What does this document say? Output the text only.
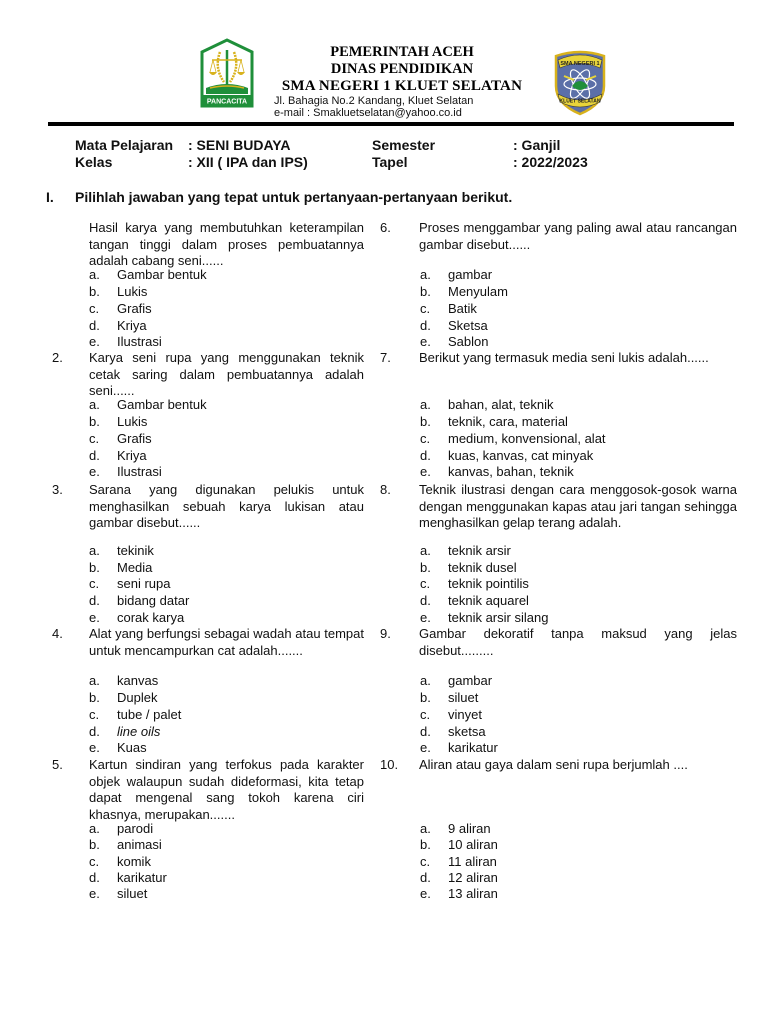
PANCACITA
PEMERINTAH ACEH
DINAS PENDIDIKAN
SMA NEGERI 1 KLUET SELATAN
Jl. Bahagia No.2 Kandang, Kluet Selatan
e-mail : Smakluetselatan@yahoo.co.id
SMA NEGERI 1
KLUET SELATAN
Mata Pelajaran : SENI BUDAYA	Semester	: Ganjil
Kelas	: XII ( IPA dan IPS)	Tapel	: 2022/2023
I. Pilihlah jawaban yang tepat untuk pertanyaan-pertanyaan berikut.
Hasil karya yang membutuhkan keterampilan tangan tinggi dalam proses pembuatannya adalah cabang seni......
a. Gambar bentuk
b. Lukis
c. Grafis
d. Kriya
e. Ilustrasi
2. Karya seni rupa yang menggunakan teknik cetak saring dalam pembuatannya adalah seni......
a. Gambar bentuk
b. Lukis
c. Grafis
d. Kriya
e. Ilustrasi
3. Sarana yang digunakan pelukis untuk menghasilkan sebuah karya lukisan atau gambar disebut......
a. tekinik
b. Media
c. seni rupa
d. bidang datar
e. corak karya
4. Alat yang berfungsi sebagai wadah atau tempat untuk mencampurkan cat adalah.......
a. kanvas
b. Duplek
c. tube / palet
d. line oils
e. Kuas
5. Kartun sindiran yang terfokus pada karakter objek walaupun sudah dideformasi, kita tetap dapat mengenal sang tokoh karena ciri khasnya, merupakan.......
a. parodi
b. animasi
c. komik
d. karikatur
e. siluet
6. Proses menggambar yang paling awal atau rancangan gambar disebut......
a. gambar
b. Menyulam
c. Batik
d. Sketsa
e. Sablon
7. Berikut yang termasuk media seni lukis adalah......
a. bahan, alat, teknik
b. teknik, cara, material
c. medium, konvensional, alat
d. kuas, kanvas, cat minyak
e. kanvas, bahan, teknik
8. Teknik ilustrasi dengan cara menggosok-gosok warna dengan menggunakan kapas atau jari tangan sehingga menghasilkan gelap terang adalah.
a. teknik arsir
b. teknik dusel
c. teknik pointilis
d. teknik aquarel
e. teknik arsir silang
9. Gambar dekoratif tanpa maksud yang jelas disebut.........
a. gambar
b. siluet
c. vinyet
d. sketsa
e. karikatur
10. Aliran atau gaya dalam seni rupa berjumlah ....
a. 9 aliran
b. 10 aliran
c. 11 aliran
d. 12 aliran
e. 13 aliran
